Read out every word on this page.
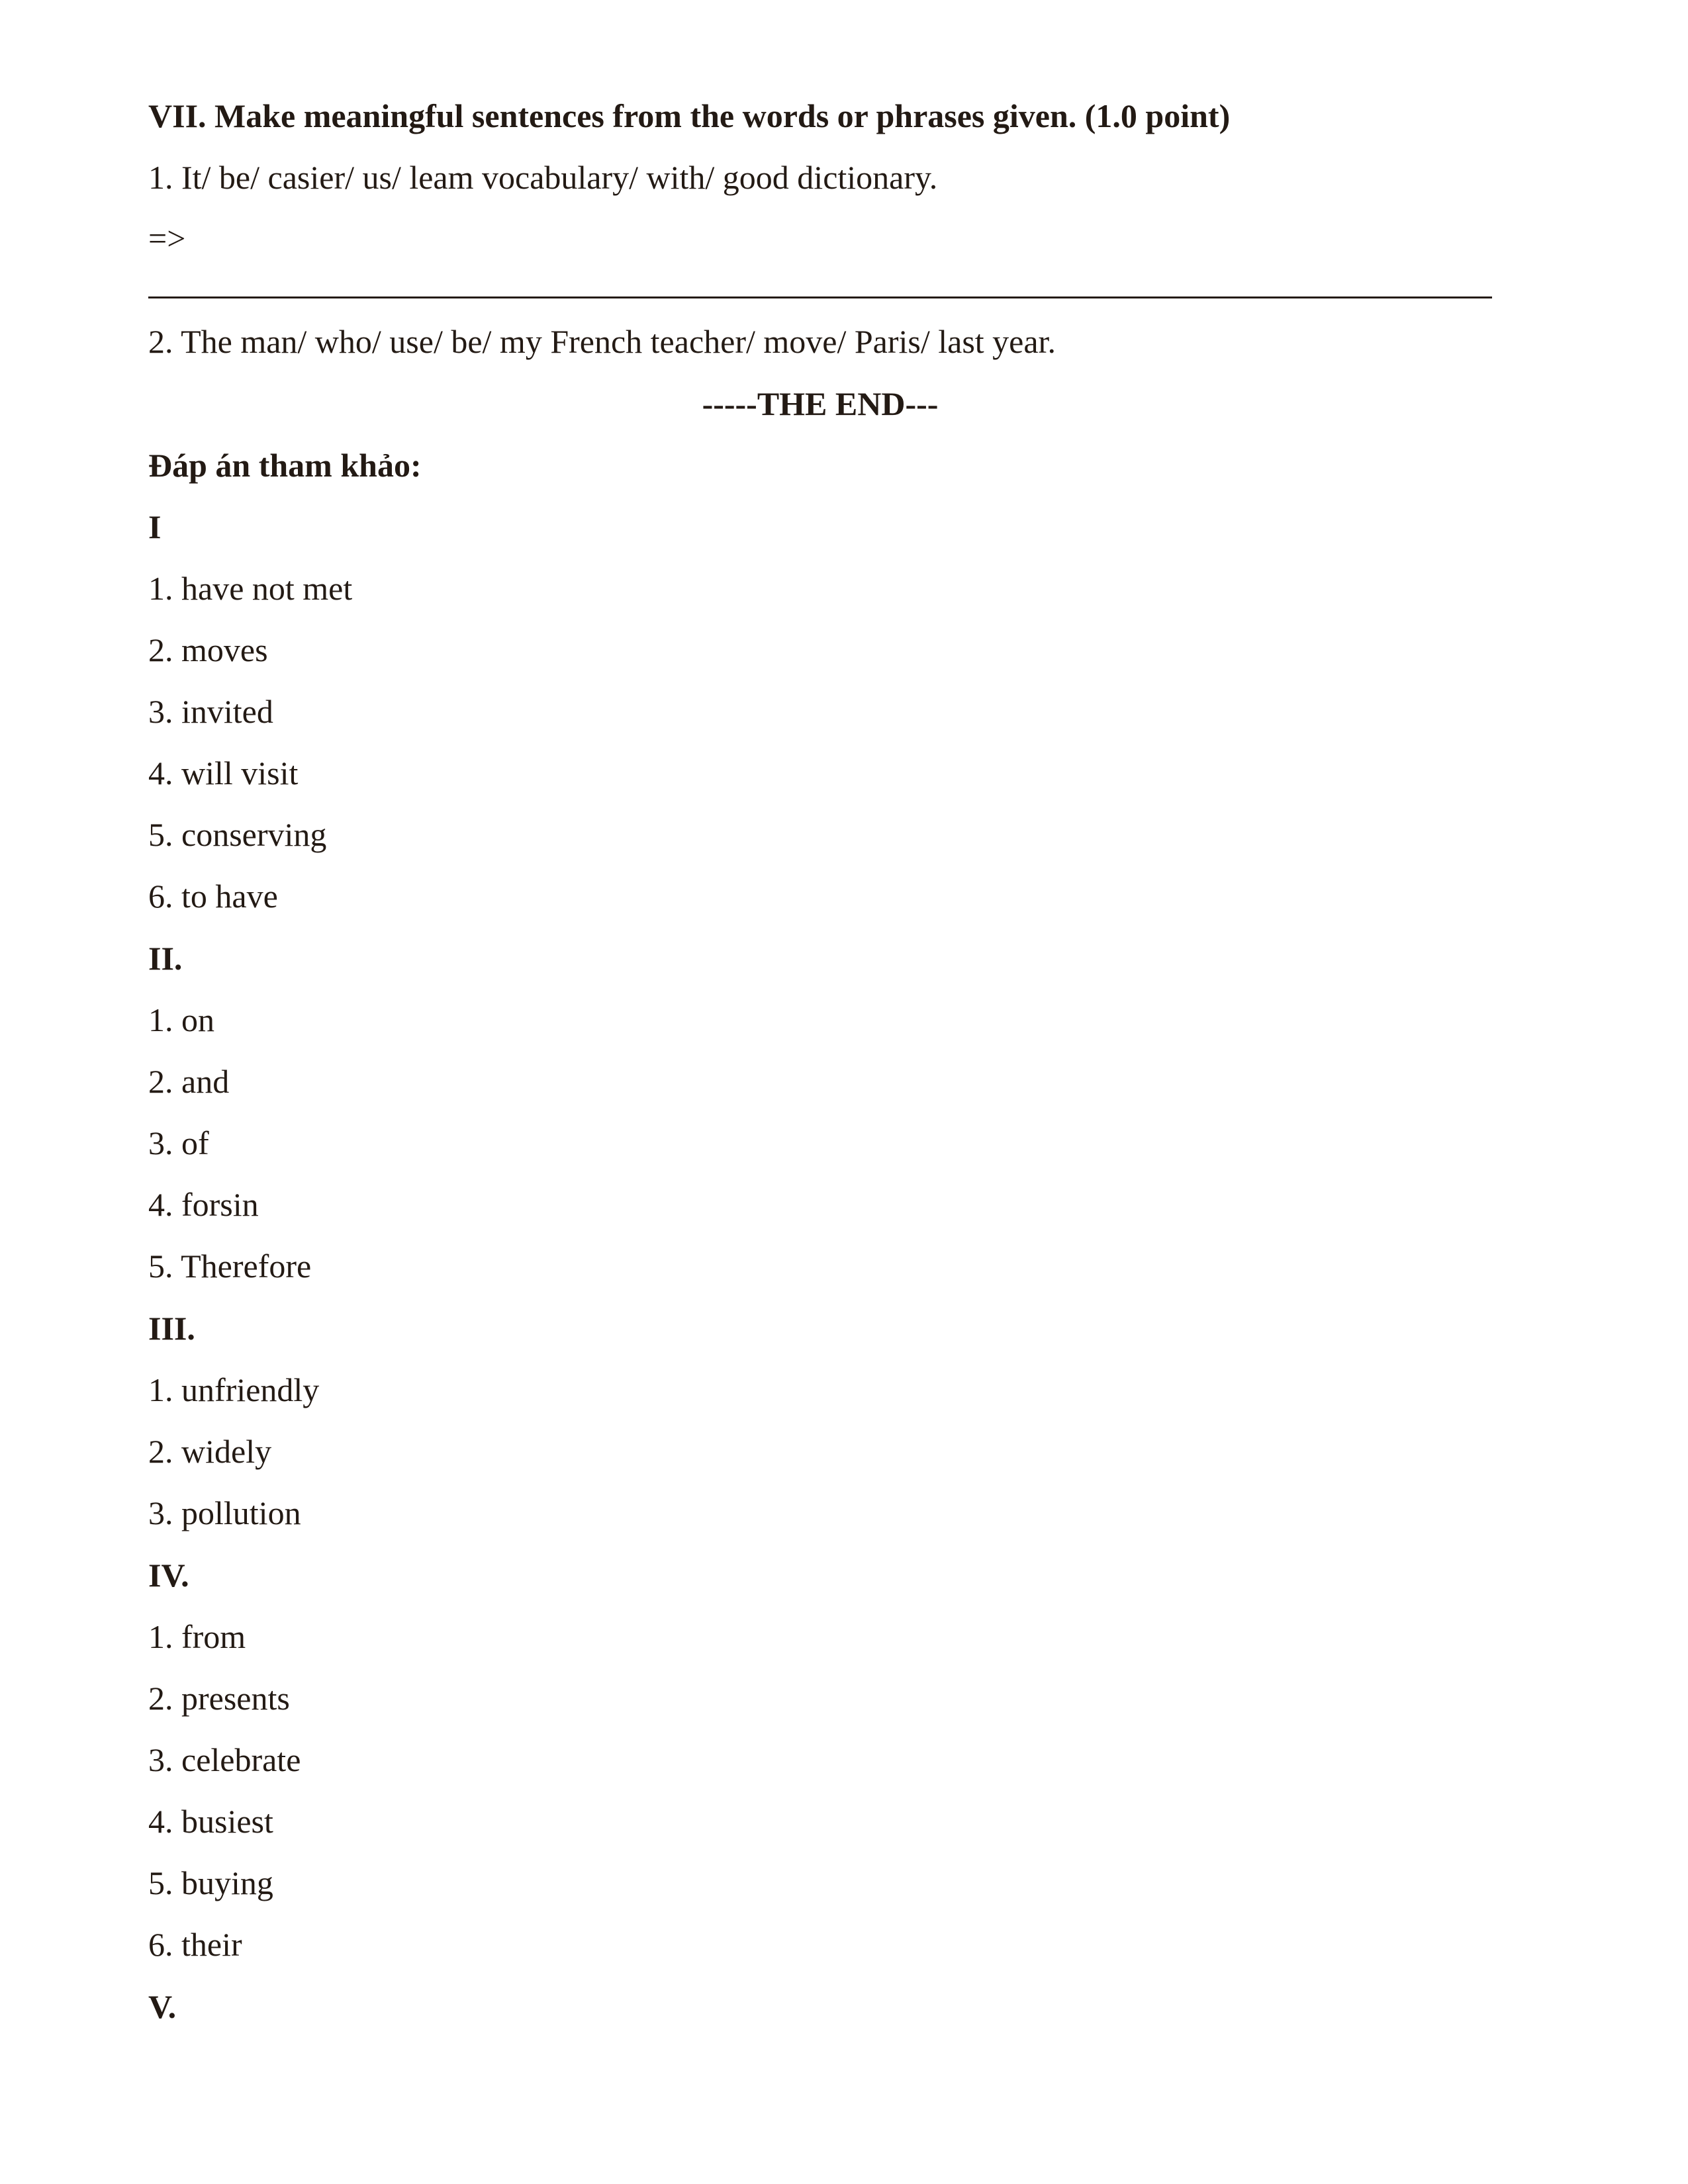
VII. Make meaningful sentences from the words or phrases given. (1.0 point)
1. It/ be/ casier/ us/ leam vocabulary/ with/ good dictionary.
=>
2. The man/ who/ use/ be/ my French teacher/ move/ Paris/ last year.
-----THE END---
Đáp án tham khảo:
I
1. have not met
2. moves
3. invited
4. will visit
5. conserving
6. to have
II.
1. on
2. and
3. of
4. forsin
5. Therefore
III.
1. unfriendly
2. widely
3. pollution
IV.
1. from
2. presents
3. celebrate
4. busiest
5. buying
6. their
V.
